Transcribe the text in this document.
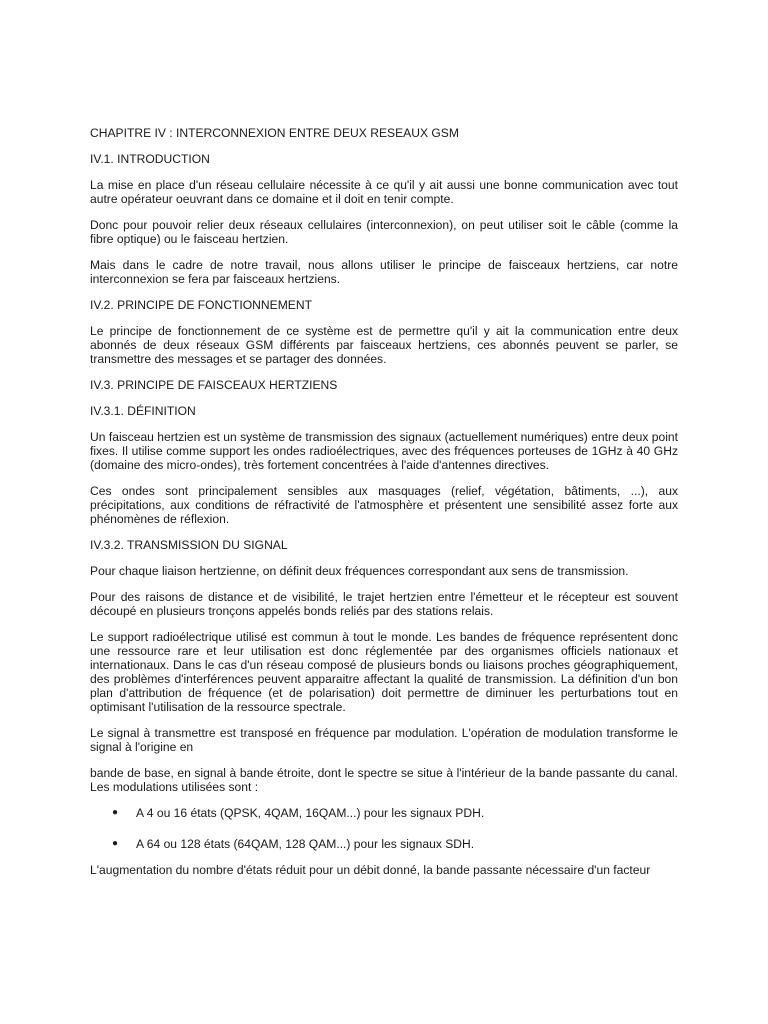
CHAPITRE IV : INTERCONNEXION ENTRE DEUX RESEAUX GSM

IV.1. INTRODUCTION

La mise en place d'un réseau cellulaire nécessite à ce qu'il y ait aussi une bonne communication avec tout autre opérateur oeuvrant dans ce domaine et il doit en tenir compte.

Donc pour pouvoir relier deux réseaux cellulaires (interconnexion), on peut utiliser soit le câble (comme la fibre optique) ou le faisceau hertzien.

Mais dans le cadre de notre travail, nous allons utiliser le principe de faisceaux hertziens, car notre interconnexion se fera par faisceaux hertziens.

IV.2. PRINCIPE DE FONCTIONNEMENT

Le principe de fonctionnement de ce système est de permettre qu'il y ait la communication entre deux abonnés de deux réseaux GSM différents par faisceaux hertziens, ces abonnés peuvent se parler, se transmettre des messages et se partager des données.

IV.3. PRINCIPE DE FAISCEAUX HERTZIENS

IV.3.1. DÉFINITION

Un faisceau hertzien est un système de transmission des signaux (actuellement numériques) entre deux point fixes. Il utilise comme support les ondes radioélectriques, avec des fréquences porteuses de 1GHz à 40 GHz (domaine des micro-ondes), très fortement concentrées à l'aide d'antennes directives.

Ces ondes sont principalement sensibles aux masquages (relief, végétation, bâtiments, ...), aux précipitations, aux conditions de réfractivité de l'atmosphère et présentent une sensibilité assez forte aux phénomènes de réflexion.

IV.3.2. TRANSMISSION DU SIGNAL

Pour chaque liaison hertzienne, on définit deux fréquences correspondant aux sens de transmission.

Pour des raisons de distance et de visibilité, le trajet hertzien entre l'émetteur et le récepteur est souvent découpé en plusieurs tronçons appelés bonds reliés par des stations relais.

Le support radioélectrique utilisé est commun à tout le monde. Les bandes de fréquence représentent donc une ressource rare et leur utilisation est donc réglementée par des organismes officiels nationaux et internationaux. Dans le cas d'un réseau composé de plusieurs bonds ou liaisons proches géographiquement, des problèmes d'interférences peuvent apparaitre affectant la qualité de transmission. La définition d'un bon plan d'attribution de fréquence (et de polarisation) doit permettre de diminuer les perturbations tout en optimisant l'utilisation de la ressource spectrale.

Le signal à transmettre est transposé en fréquence par modulation. L'opération de modulation transforme le signal à l'origine en

bande de base, en signal à bande étroite, dont le spectre se situe à l'intérieur de la bande passante du canal. Les modulations utilisées sont :

● A 4 ou 16 états (QPSK, 4QAM, 16QAM...) pour les signaux PDH.
● A 64 ou 128 états (64QAM, 128 QAM...) pour les signaux SDH.

L'augmentation du nombre d'états réduit pour un débit donné, la bande passante nécessaire d'un facteur
